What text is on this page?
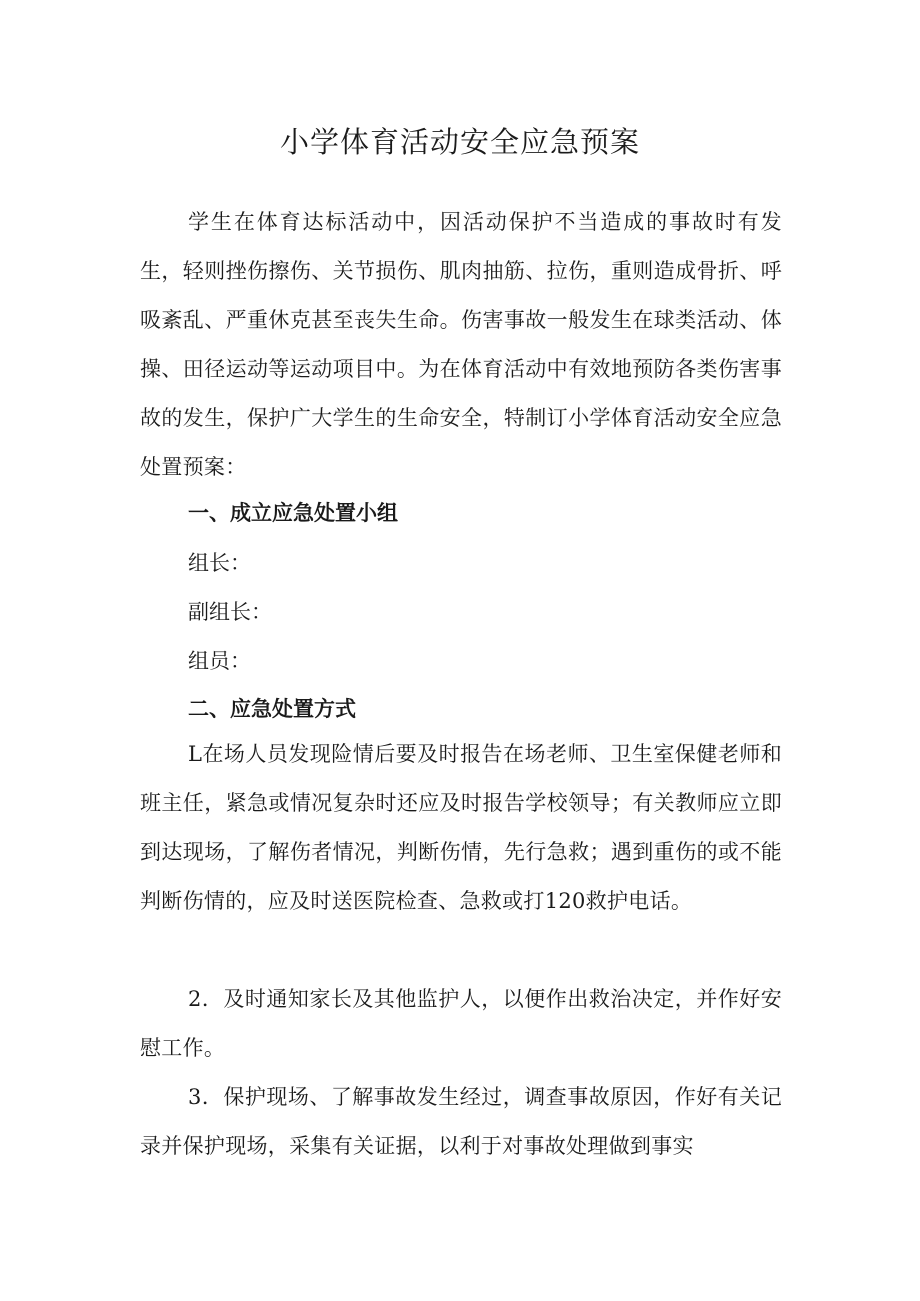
小学体育活动安全应急预案

学生在体育达标活动中，因活动保护不当造成的事故时有发生，轻则挫伤擦伤、关节损伤、肌肉抽筋、拉伤，重则造成骨折、呼吸紊乱、严重休克甚至丧失生命。伤害事故一般发生在球类活动、体操、田径运动等运动项目中。为在体育活动中有效地预防各类伤害事故的发生，保护广大学生的生命安全，特制订小学体育活动安全应急处置预案：

一、成立应急处置小组

组长：

副组长：

组员：

二、应急处置方式

L在场人员发现险情后要及时报告在场老师、卫生室保健老师和班主任，紧急或情况复杂时还应及时报告学校领导；有关教师应立即到达现场，了解伤者情况，判断伤情，先行急救；遇到重伤的或不能判断伤情的，应及时送医院检查、急救或打120救护电话。

2．及时通知家长及其他监护人，以便作出救治决定，并作好安慰工作。

3．保护现场、了解事故发生经过，调查事故原因，作好有关记录并保护现场，采集有关证据，以利于对事故处理做到事实
